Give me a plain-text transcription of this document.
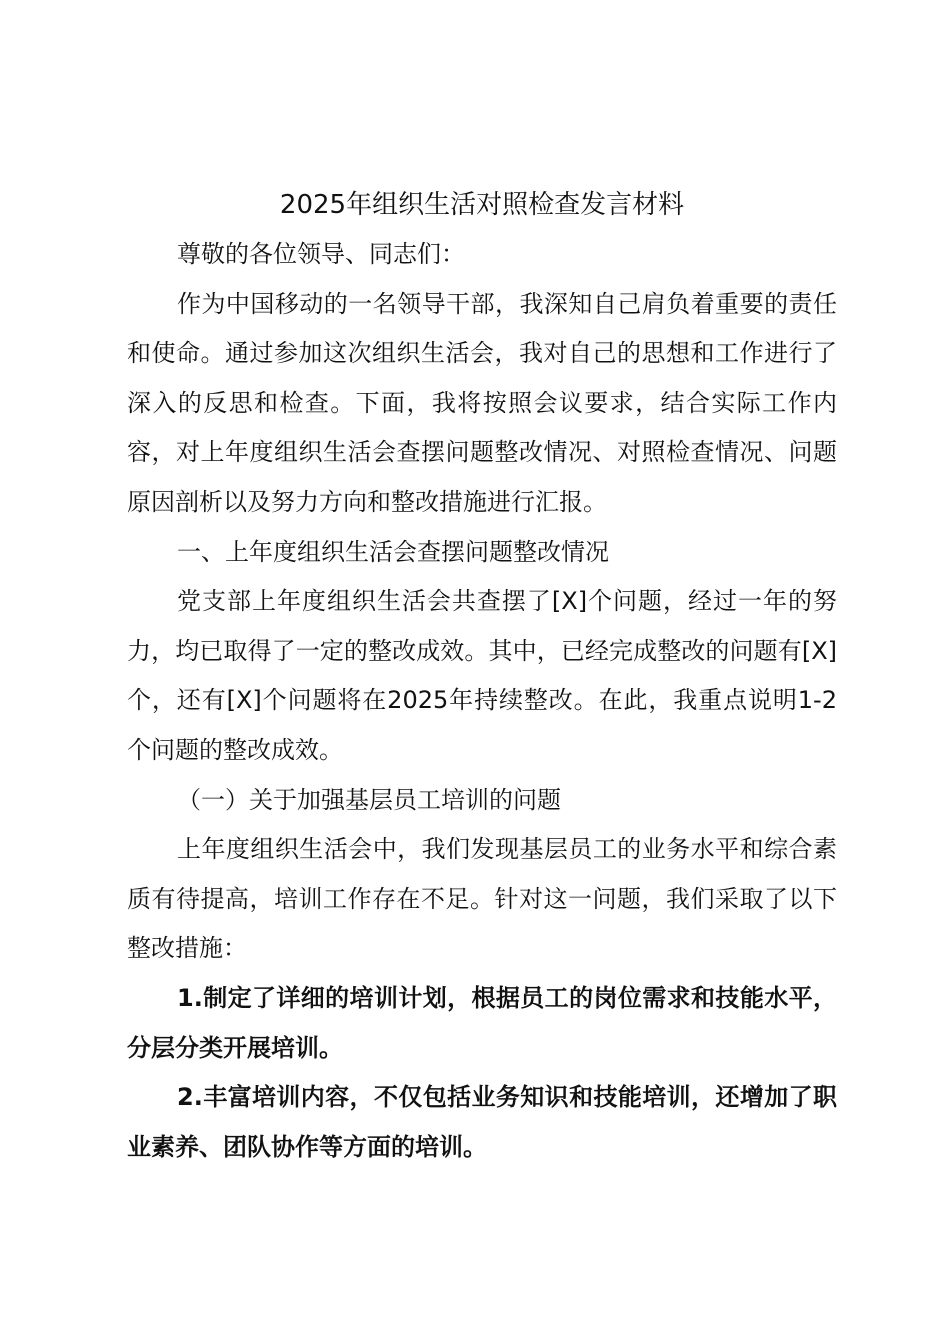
2025年组织生活对照检查发言材料

尊敬的各位领导、同志们：

作为中国移动的一名领导干部，我深知自己肩负着重要的责任和使命。通过参加这次组织生活会，我对自己的思想和工作进行了深入的反思和检查。下面，我将按照会议要求，结合实际工作内容，对上年度组织生活会查摆问题整改情况、对照检查情况、问题原因剖析以及努力方向和整改措施进行汇报。

一、上年度组织生活会查摆问题整改情况

党支部上年度组织生活会共查摆了[X]个问题，经过一年的努力，均已取得了一定的整改成效。其中，已经完成整改的问题有[X]个，还有[X]个问题将在2025年持续整改。在此，我重点说明1-2个问题的整改成效。

（一）关于加强基层员工培训的问题

上年度组织生活会中，我们发现基层员工的业务水平和综合素质有待提高，培训工作存在不足。针对这一问题，我们采取了以下整改措施：

1.制定了详细的培训计划，根据员工的岗位需求和技能水平，分层分类开展培训。

2.丰富培训内容，不仅包括业务知识和技能培训，还增加了职业素养、团队协作等方面的培训。
